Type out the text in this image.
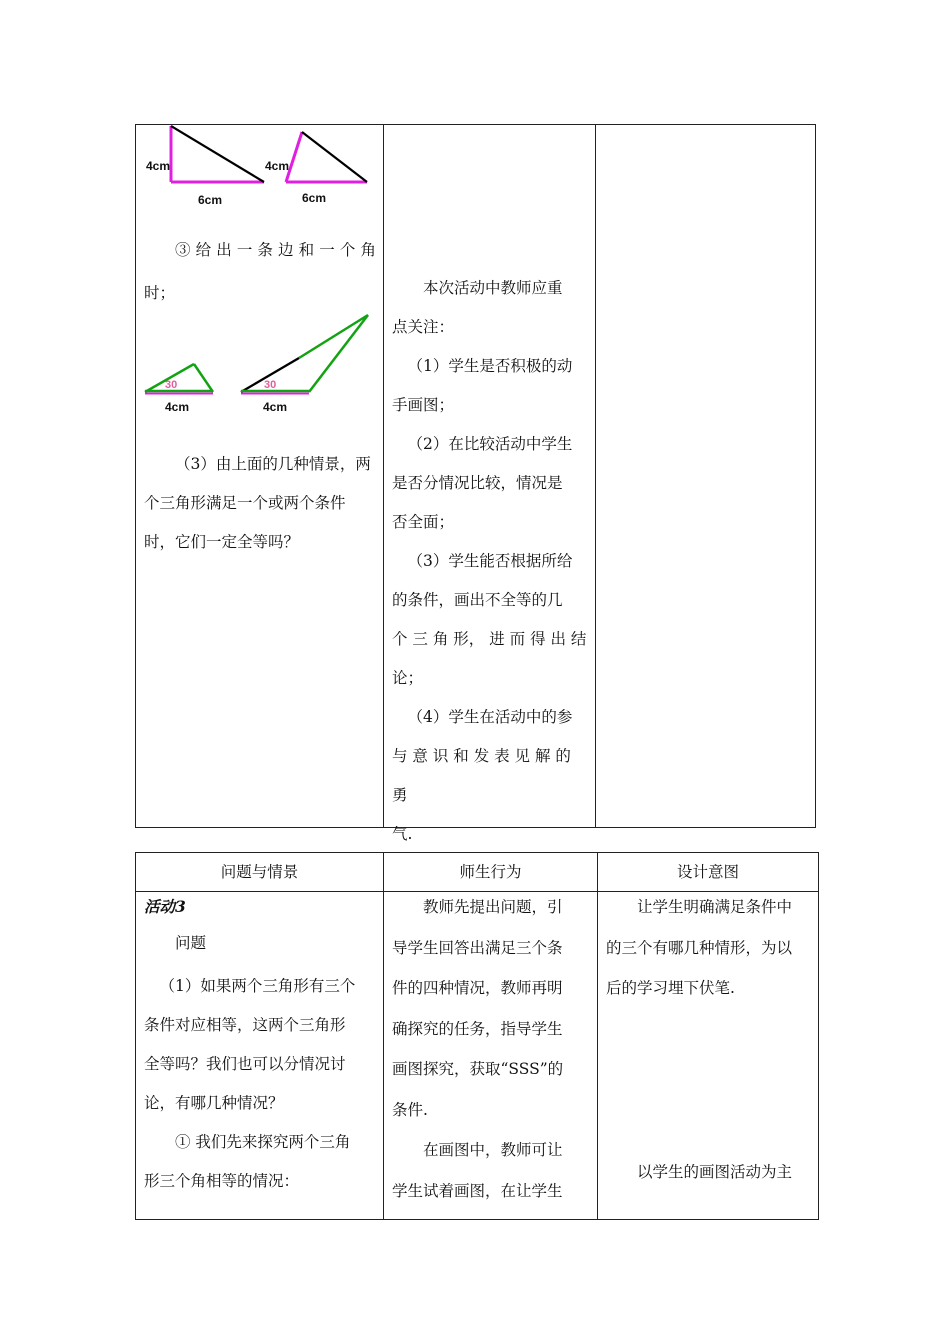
4cm
6cm
4cm
6cm

③ 给 出 一 条 边 和 一 个 角

时；

30
4cm
30
4cm

（3）由上面的几种情景，两

个三角形满足一个或两个条件

时，它们一定全等吗？

本次活动中教师应重

点关注：

（1）学生是否积极的动

手画图；

（2）在比较活动中学生

是否分情况比较，情况是

否全面；

（3）学生能否根据所给

的条件，画出不全等的几

个 三 角 形， 进 而 得 出 结

论；

（4）学生在活动中的参

与 意 识 和 发 表 见 解 的 勇

气.

问题与情景	师生行为	设计意图

活动3

问题

（1）如果两个三角形有三个

条件对应相等，这两个三角形

全等吗？我们也可以分情况讨

论，有哪几种情况？

① 我们先来探究两个三角

形三个角相等的情况：

教师先提出问题，引

导学生回答出满足三个条

件的四种情况，教师再明

确探究的任务，指导学生

画图探究，获取“SSS”的

条件.

在画图中，教师可让

学生试着画图，在让学生

让学生明确满足条件中

的三个有哪几种情形，为以

后的学习埋下伏笔.

以学生的画图活动为主
